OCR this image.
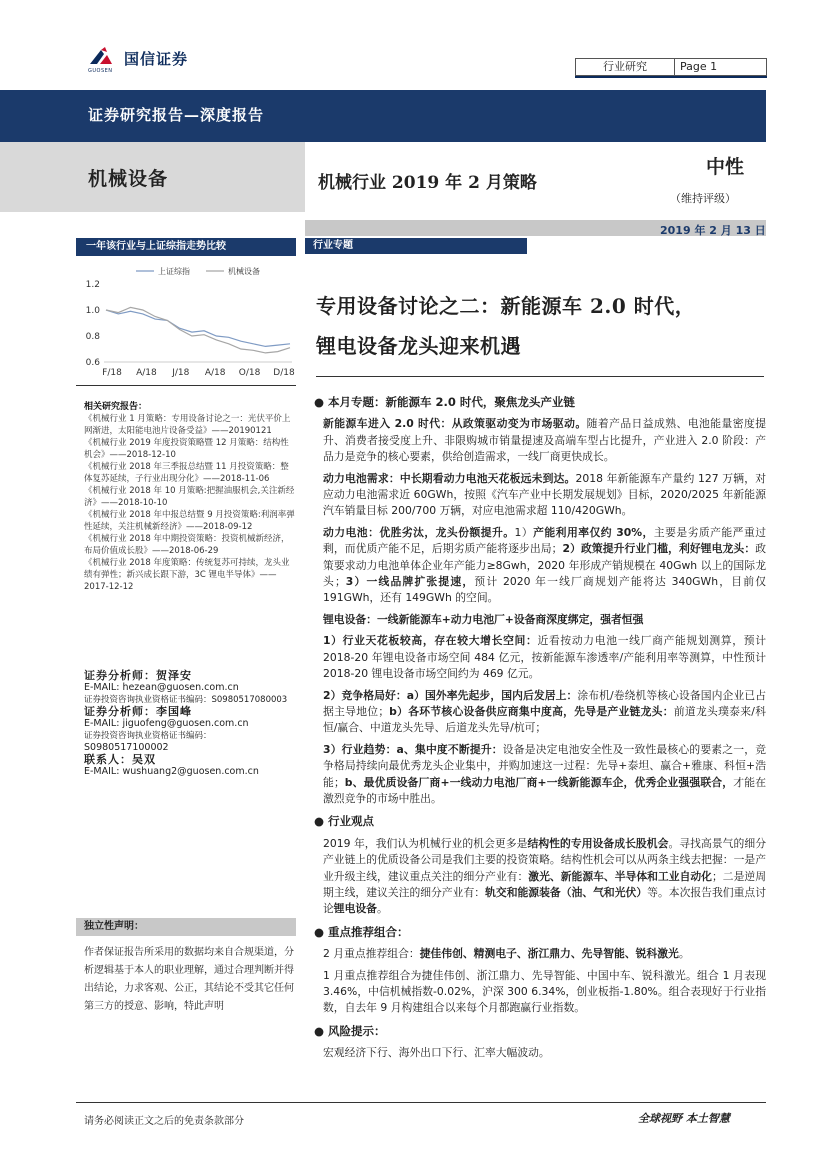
国信证券
GUOSEN	行业研究	Page 1
证券研究报告—深度报告
机械设备	机械行业 2019 年 2 月策略
中性
（维持评级）
2019 年 2 月 13 日
一年该行业与上证综指走势比较	行业专题
上证综指	机械设备
0.6
0.8
1.0
1.2
F/18 A/18 J/18 A/18 O/18 D/18
专用设备讨论之二：新能源车 2.0 时代，
锂电设备龙头迎来机遇
相关研究报告：
《机械行业 1 月策略：专用设备讨论之一：光伏平价上网渐进，太阳能电池片设备受益》——20190121
《机械行业 2019 年度投资策略暨 12 月策略：结构性机会》——2018-12-10
《机械行业 2018 年三季报总结暨 11 月投资策略：整体复苏延续，子行业出现分化》——2018-11-06
《机械行业 2018 年 10 月策略:把握油服机会,关注新经济》——2018-10-10
《机械行业 2018 年中报总结暨 9 月投资策略:利润率弹性延续，关注机械新经济》——2018-09-12
《机械行业 2018 年中期投资策略：投资机械新经济，布局价值成长股》——2018-06-29
《机械行业 2018 年度策略：传统复苏可持续，龙头业绩有弹性；新兴成长跟下游，3C 锂电半导体》——2017-12-12
证券分析师：贺泽安
E-MAIL: hezean@guosen.com.cn
证券投资咨询执业资格证书编码：S0980517080003
证券分析师：李国峰
E-MAIL: jiguofeng@guosen.com.cn
证券投资咨询执业资格证书编码：
S0980517100002
联系人：吴双
E-MAIL: wushuang2@guosen.com.cn
独立性声明：
作者保证报告所采用的数据均来自合规渠道，分析逻辑基于本人的职业理解，通过合理判断并得出结论，力求客观、公正，其结论不受其它任何第三方的授意、影响，特此声明
● 本月专题：新能源车 2.0 时代，聚焦龙头产业链

新能源车进入 2.0 时代：从政策驱动变为市场驱动。随着产品日益成熟、电池能量密度提升、消费者接受度上升、非限购城市销量提速及高端车型占比提升，产业进入 2.0 阶段：产品力是竞争的核心要素，供给创造需求，一线厂商更快成长。

动力电池需求：中长期看动力电池天花板远未到达。2018 年新能源车产量约 127 万辆，对应动力电池需求近 60GWh，按照《汽车产业中长期发展规划》目标，2020/2025 年新能源汽车销量目标 200/700 万辆，对应电池需求超 110/420GWh。

动力电池：优胜劣汰，龙头份额提升。1）产能利用率仅约 30%，主要是劣质产能严重过剩，而优质产能不足，后期劣质产能将逐步出局；2）政策提升行业门槛，利好锂电龙头：政策要求动力电池单体企业年产能力≥8Gwh，2020 年形成产销规模在 40Gwh 以上的国际龙头；3）一线品牌扩张提速，预计 2020 年一线厂商规划产能将达 340GWh，目前仅 191GWh，还有 149GWh 的空间。

锂电设备：一线新能源车+动力电池厂+设备商深度绑定，强者恒强

1）行业天花板较高，存在较大增长空间：近看按动力电池一线厂商产能规划测算，预计 2018-20 年锂电设备市场空间 484 亿元，按新能源车渗透率/产能利用率等测算，中性预计 2018-20 锂电设备市场空间约为 469 亿元。

2）竞争格局好：a）国外率先起步，国内后发居上：涂布机/卷绕机等核心设备国内企业已占据主导地位；b）各环节核心设备供应商集中度高，先导是产业链龙头：前道龙头璞泰来/科恒/赢合、中道龙头先导、后道龙头先导/杭可；

3）行业趋势：a、集中度不断提升：设备是决定电池安全性及一致性最核心的要素之一，竞争格局持续向最优秀龙头企业集中，并购加速这一过程：先导+泰坦、赢合+雅康、科恒+浩能；b、最优质设备厂商+一线动力电池厂商+一线新能源车企，优秀企业强强联合，才能在激烈竞争的市场中胜出。

● 行业观点

2019 年，我们认为机械行业的机会更多是结构性的专用设备成长股机会。寻找高景气的细分产业链上的优质设备公司是我们主要的投资策略。结构性机会可以从两条主线去把握：一是产业升级主线，建议重点关注的细分产业有：激光、新能源车、半导体和工业自动化；二是逆周期主线，建议关注的细分产业有：轨交和能源装备（油、气和光伏）等。本次报告我们重点讨论锂电设备。

● 重点推荐组合：

2 月重点推荐组合：捷佳伟创、精测电子、浙江鼎力、先导智能、锐科激光。

1 月重点推荐组合为捷佳伟创、浙江鼎力、先导智能、中国中车、锐科激光。组合 1 月表现 3.46%，中信机械指数-0.02%，沪深 300 6.34%，创业板指-1.80%。组合表现好于行业指数，自去年 9 月构建组合以来每个月都跑赢行业指数。

● 风险提示：

宏观经济下行、海外出口下行、汇率大幅波动。

请务必阅读正文之后的免责条款部分	全球视野 本土智慧
